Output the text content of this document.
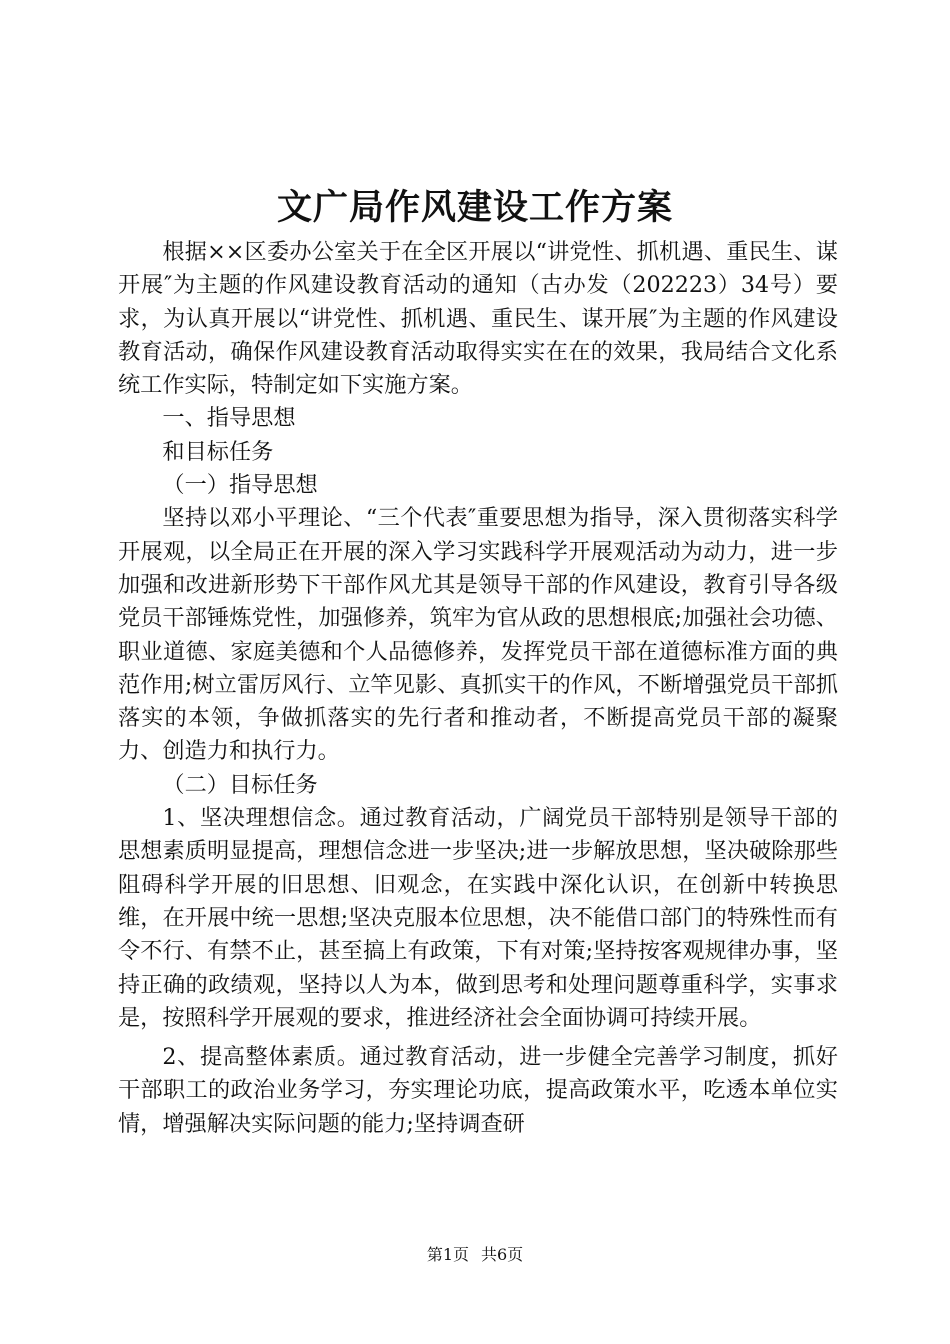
文广局作风建设工作方案

根据××区委办公室关于在全区开展以“讲党性、抓机遇、重民生、谋开展″为主题的作风建设教育活动的通知（古办发（202223）34号）要求，为认真开展以“讲党性、抓机遇、重民生、谋开展″为主题的作风建设教育活动，确保作风建设教育活动取得实实在在的效果，我局结合文化系统工作实际，特制定如下实施方案。

一、指导思想

和目标任务

（一）指导思想

坚持以邓小平理论、“三个代表″重要思想为指导，深入贯彻落实科学开展观，以全局正在开展的深入学习实践科学开展观活动为动力，进一步加强和改进新形势下干部作风尤其是领导干部的作风建设，教育引导各级党员干部锤炼党性，加强修养，筑牢为官从政的思想根底;加强社会功德、职业道德、家庭美德和个人品德修养，发挥党员干部在道德标准方面的典范作用;树立雷厉风行、立竿见影、真抓实干的作风，不断增强党员干部抓落实的本领，争做抓落实的先行者和推动者，不断提高党员干部的凝聚力、创造力和执行力。

（二）目标任务

1、坚决理想信念。通过教育活动，广阔党员干部特别是领导干部的思想素质明显提高，理想信念进一步坚决;进一步解放思想，坚决破除那些阻碍科学开展的旧思想、旧观念，在实践中深化认识，在创新中转换思维，在开展中统一思想;坚决克服本位思想，决不能借口部门的特殊性而有令不行、有禁不止，甚至搞上有政策，下有对策;坚持按客观规律办事，坚持正确的政绩观，坚持以人为本，做到思考和处理问题尊重科学，实事求是，按照科学开展观的要求，推进经济社会全面协调可持续开展。

2、提高整体素质。通过教育活动，进一步健全完善学习制度，抓好干部职工的政治业务学习，夯实理论功底，提高政策水平，吃透本单位实情，增强解决实际问题的能力;坚持调查研

第1页 共6页
